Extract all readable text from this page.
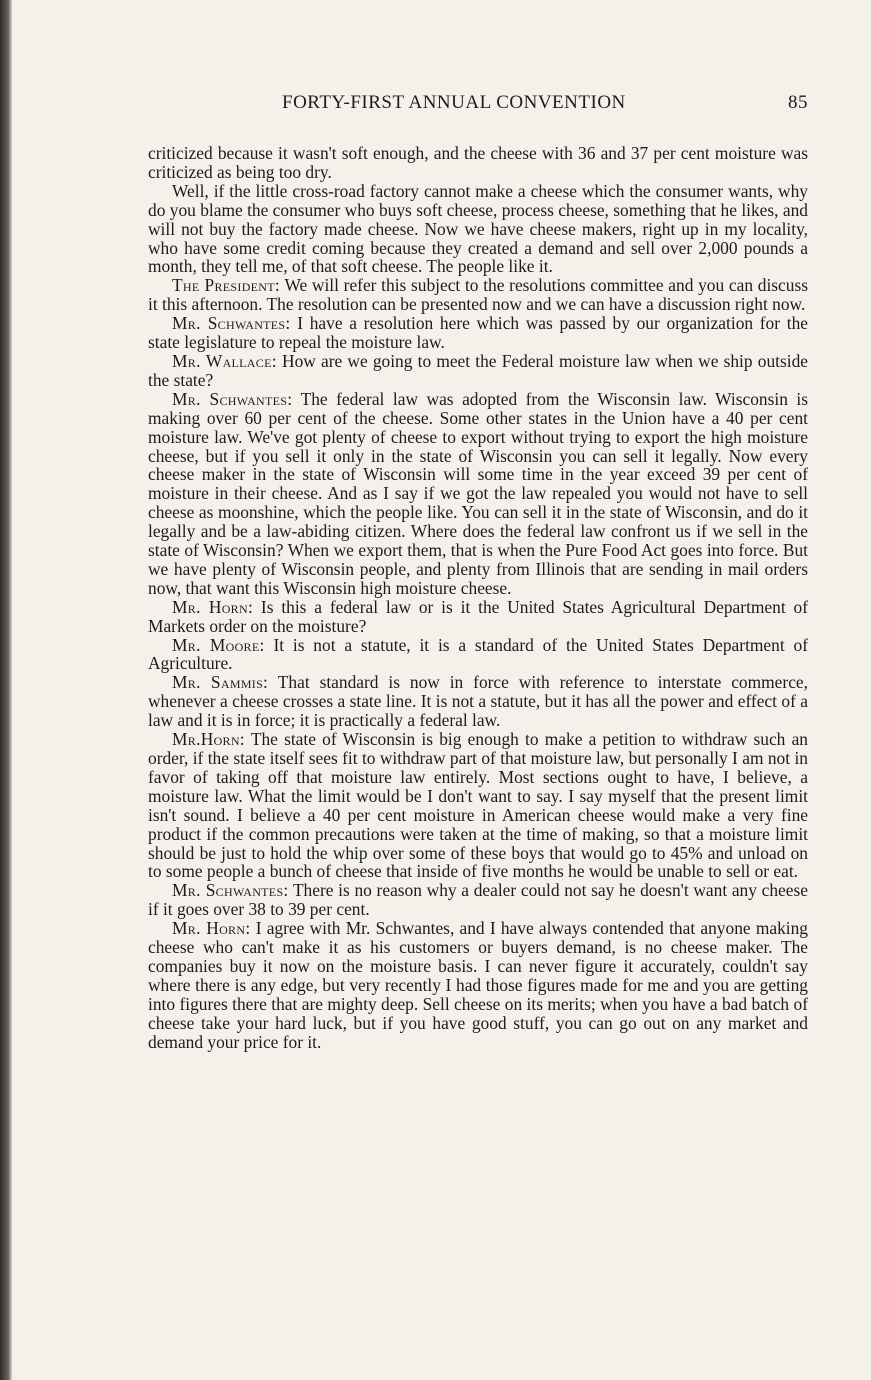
FORTY-FIRST ANNUAL CONVENTION	85

criticized because it wasn't soft enough, and the cheese with 36 and 37 per cent moisture was criticized as being too dry.

Well, if the little cross-road factory cannot make a cheese which the consumer wants, why do you blame the consumer who buys soft cheese, process cheese, something that he likes, and will not buy the factory made cheese. Now we have cheese makers, right up in my locality, who have some credit coming because they created a demand and sell over 2,000 pounds a month, they tell me, of that soft cheese. The people like it.

The President: We will refer this subject to the resolutions committee and you can discuss it this afternoon. The resolution can be presented now and we can have a discussion right now.

Mr. Schwantes: I have a resolution here which was passed by our organization for the state legislature to repeal the moisture law.

Mr. Wallace: How are we going to meet the Federal moisture law when we ship outside the state?

Mr. Schwantes: The federal law was adopted from the Wisconsin law. Wisconsin is making over 60 per cent of the cheese. Some other states in the Union have a 40 per cent moisture law. We've got plenty of cheese to export without trying to export the high moisture cheese, but if you sell it only in the state of Wisconsin you can sell it legally. Now every cheese maker in the state of Wisconsin will some time in the year exceed 39 per cent of moisture in their cheese. And as I say if we got the law repealed you would not have to sell cheese as moonshine, which the people like. You can sell it in the state of Wisconsin, and do it legally and be a law-abiding citizen. Where does the federal law confront us if we sell in the state of Wisconsin? When we export them, that is when the Pure Food Act goes into force. But we have plenty of Wisconsin people, and plenty from Illinois that are sending in mail orders now, that want this Wisconsin high moisture cheese.

Mr. Horn: Is this a federal law or is it the United States Agricultural Department of Markets order on the moisture?

Mr. Moore: It is not a statute, it is a standard of the United States Department of Agriculture.

Mr. Sammis: That standard is now in force with reference to interstate commerce, whenever a cheese crosses a state line. It is not a statute, but it has all the power and effect of a law and it is in force; it is practically a federal law.

Mr.Horn: The state of Wisconsin is big enough to make a petition to withdraw such an order, if the state itself sees fit to withdraw part of that moisture law, but personally I am not in favor of taking off that moisture law entirely. Most sections ought to have, I believe, a moisture law. What the limit would be I don't want to say. I say myself that the present limit isn't sound. I believe a 40 per cent moisture in American cheese would make a very fine product if the common precautions were taken at the time of making, so that a moisture limit should be just to hold the whip over some of these boys that would go to 45% and unload on to some people a bunch of cheese that inside of five months he would be unable to sell or eat.

Mr. Schwantes: There is no reason why a dealer could not say he doesn't want any cheese if it goes over 38 to 39 per cent.

Mr. Horn: I agree with Mr. Schwantes, and I have always contended that anyone making cheese who can't make it as his customers or buyers demand, is no cheese maker. The companies buy it now on the moisture basis. I can never figure it accurately, couldn't say where there is any edge, but very recently I had those figures made for me and you are getting into figures there that are mighty deep. Sell cheese on its merits; when you have a bad batch of cheese take your hard luck, but if you have good stuff, you can go out on any market and demand your price for it.
